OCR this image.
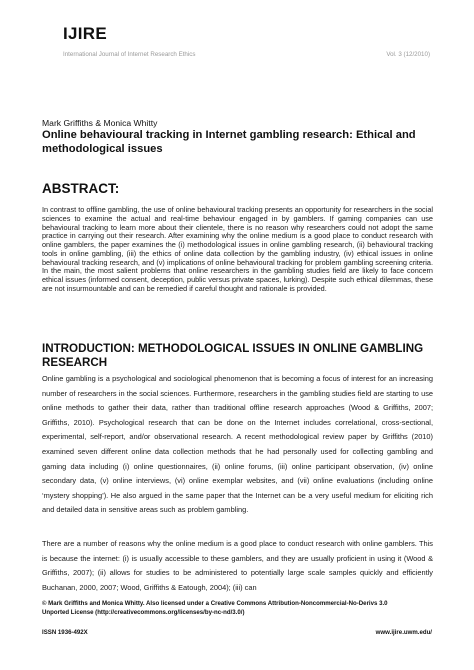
IJIRE
International Journal of Internet Research Ethics	Vol. 3 (12/2010)
Mark Griffiths & Monica Whitty
Online behavioural tracking in Internet gambling research: Ethical and methodological issues
ABSTRACT:
In contrast to offline gambling, the use of online behavioural tracking presents an opportunity for researchers in the social sciences to examine the actual and real-time behaviour engaged in by gamblers. If gaming companies can use behavioural tracking to learn more about their clientele, there is no reason why researchers could not adopt the same practice in carrying out their research. After examining why the online medium is a good place to conduct research with online gamblers, the paper examines the (i) methodological issues in online gambling research, (ii) behavioural tracking tools in online gambling, (iii) the ethics of online data collection by the gambling industry, (iv) ethical issues in online behavioural tracking research, and (v) implications of online behavioural tracking for problem gambling screening criteria. In the main, the most salient problems that online researchers in the gambling studies field are likely to face concern ethical issues (informed consent, deception, public versus private spaces, lurking). Despite such ethical dilemmas, these are not insurmountable and can be remedied if careful thought and rationale is provided.
INTRODUCTION: METHODOLOGICAL ISSUES IN ONLINE GAMBLING RESEARCH
Online gambling is a psychological and sociological phenomenon that is becoming a focus of interest for an increasing number of researchers in the social sciences. Furthermore, researchers in the gambling studies field are starting to use online methods to gather their data, rather than traditional offline research approaches (Wood & Griffiths, 2007; Griffiths, 2010). Psychological research that can be done on the Internet includes correlational, cross-sectional, experimental, self-report, and/or observational research. A recent methodological review paper by Griffiths (2010) examined seven different online data collection methods that he had personally used for collecting gambling and gaming data including (i) online questionnaires, (ii) online forums, (iii) online participant observation, (iv) online secondary data, (v) online interviews, (vi) online exemplar websites, and (vii) online evaluations (including online ‘mystery shopping’). He also argued in the same paper that the Internet can be a very useful medium for eliciting rich and detailed data in sensitive areas such as problem gambling.
There are a number of reasons why the online medium is a good place to conduct research with online gamblers. This is because the internet: (i) is usually accessible to these gamblers, and they are usually proficient in using it (Wood & Griffiths, 2007); (ii) allows for studies to be administered to potentially large scale samples quickly and efficiently Buchanan, 2000, 2007; Wood, Griffiths & Eatough, 2004); (iii) can
© Mark Griffiths and Monica Whitty. Also licensed under a Creative Commons Attribution-Noncommercial-No-Derivs 3.0
Unported License (http://creativecommons.org/licenses/by-nc-nd/3.0/)
ISSN 1936-492X	www.ijire.uwm.edu/
